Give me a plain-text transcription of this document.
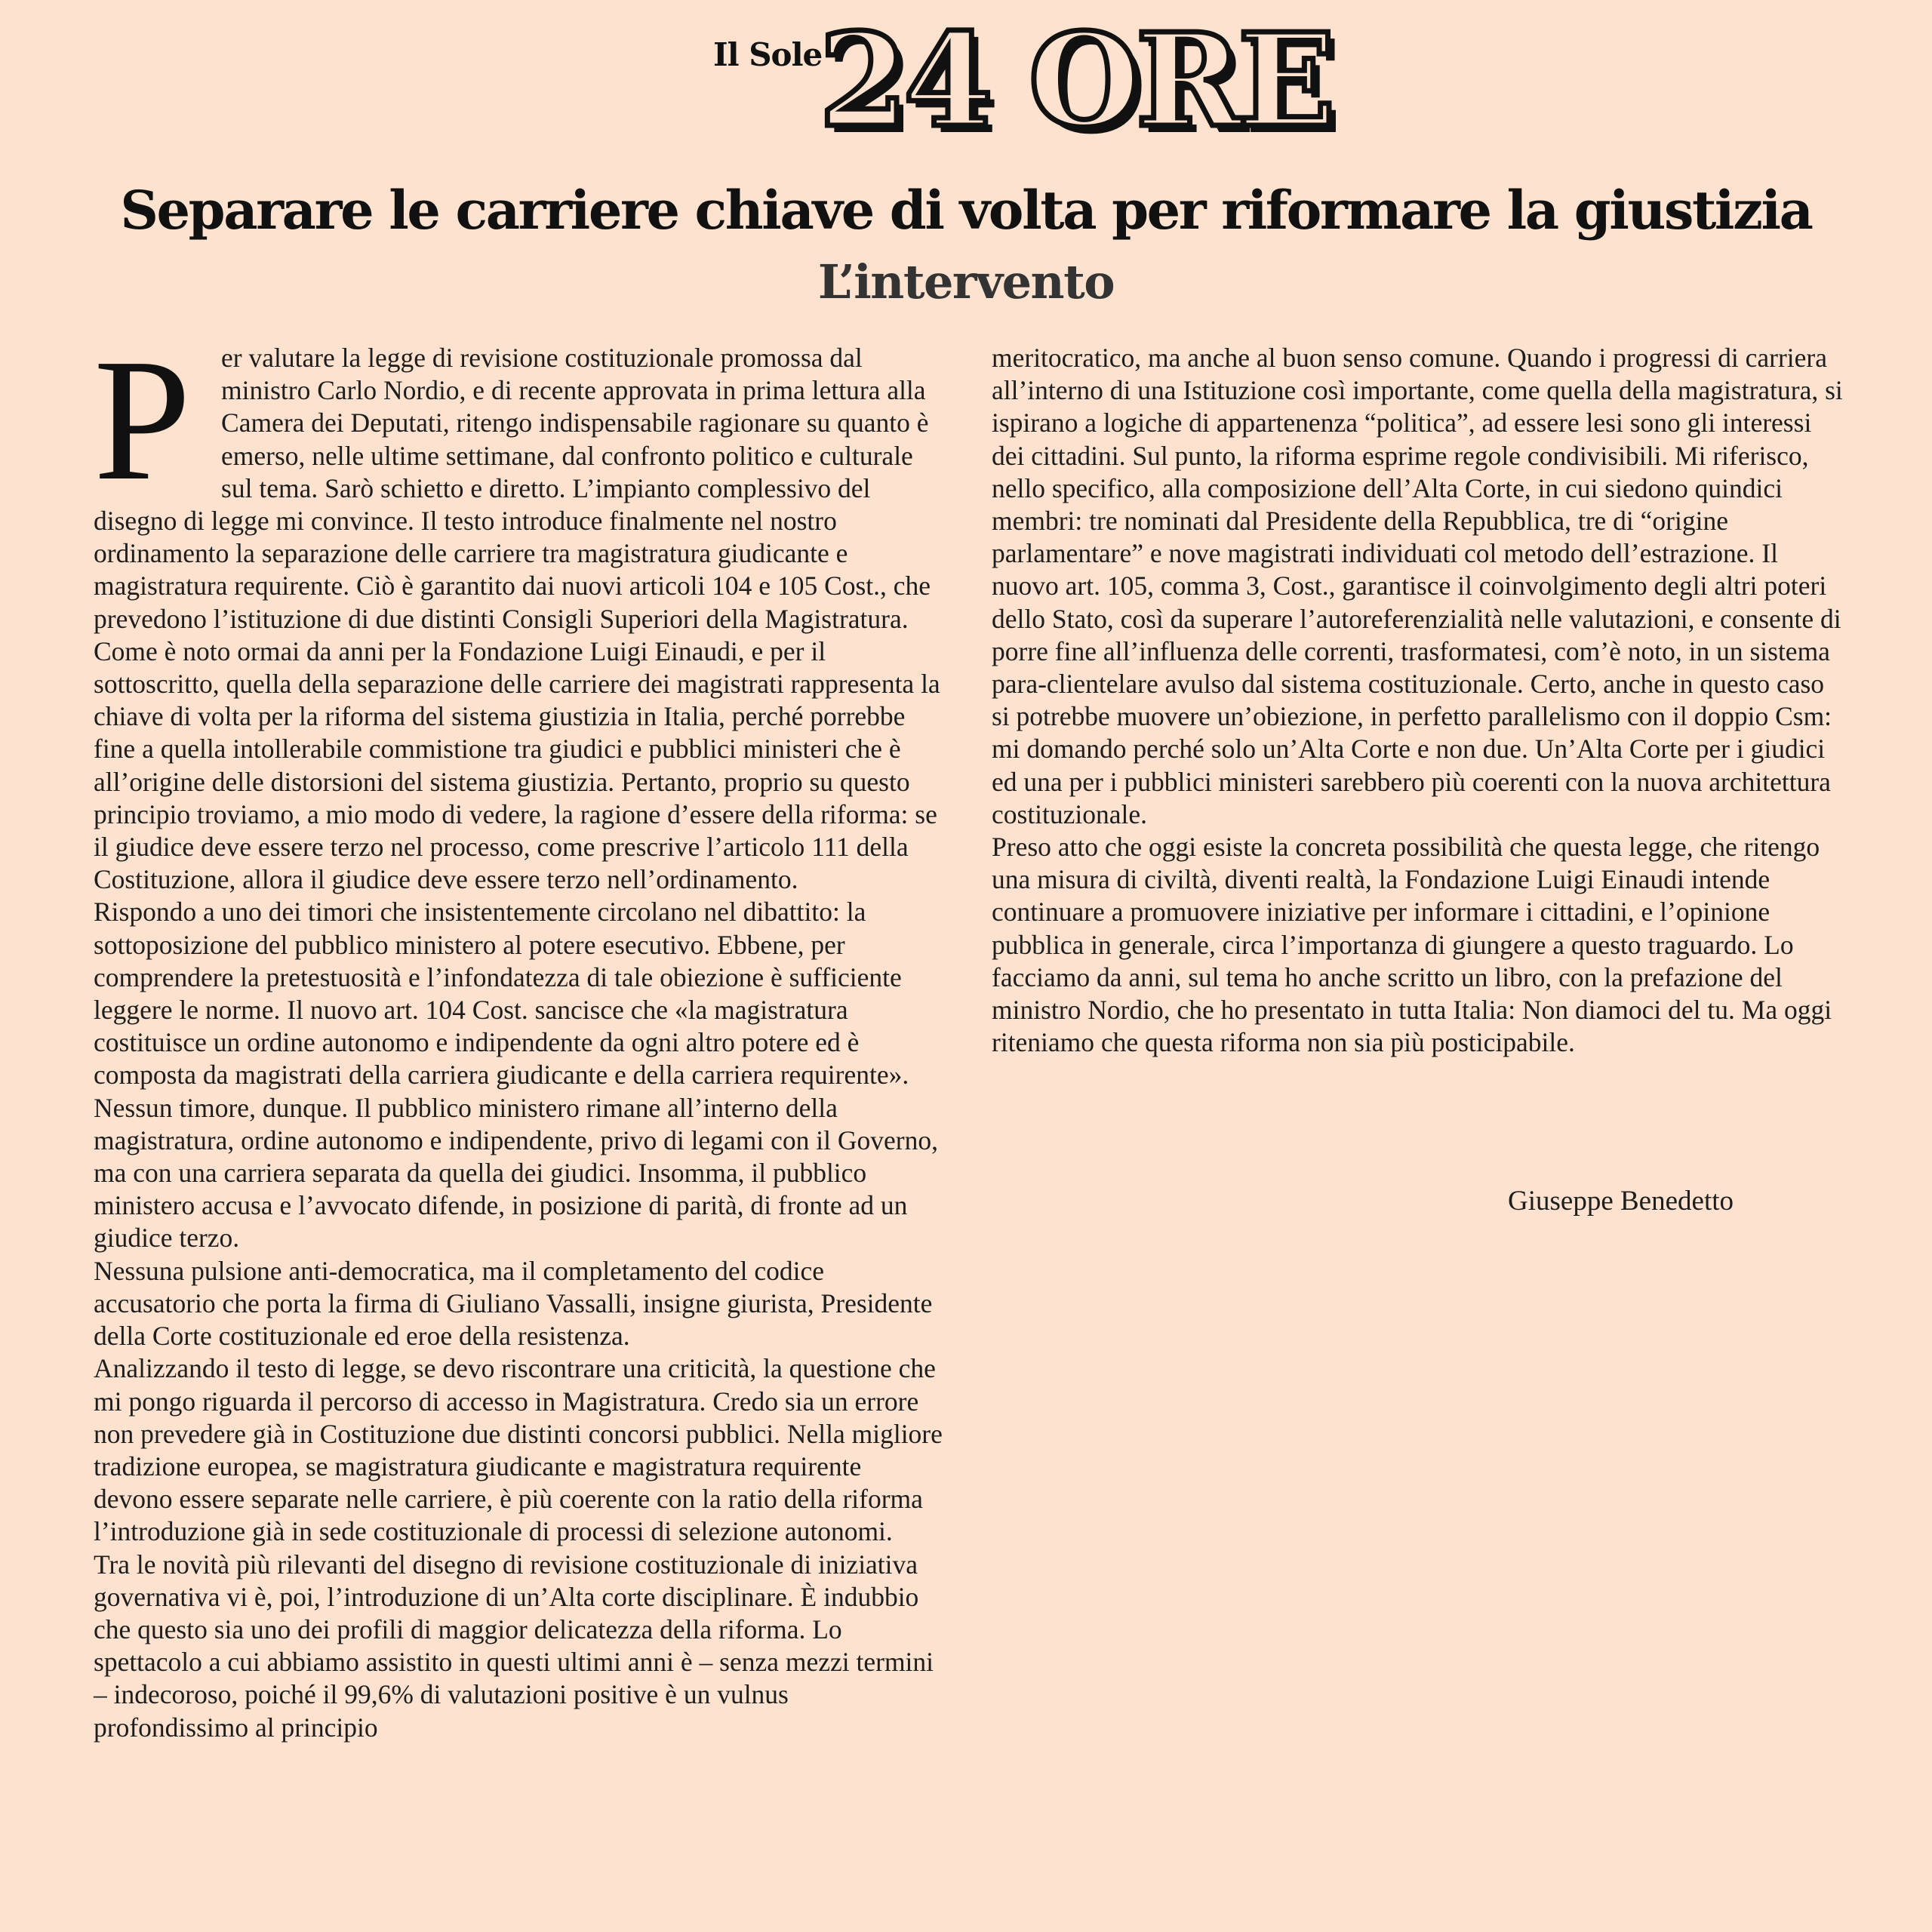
Il Sole
24 ORE
Separare le carriere chiave di volta per riformare la giustizia
L’intervento
P	er valutare la legge di revisione costituzionale promossa dal ministro Carlo Nordio, e di recente approvata in prima lettura alla Camera dei Deputati, ritengo indispensabile ragionare su quanto è emerso, nelle ultime settimane, dal confronto politico e culturale sul tema. Sarò schietto e diretto. L’impianto complessivo del disegno di legge mi convince. Il testo introduce finalmente nel nostro ordinamento la separazione delle carriere tra magistratura giudicante e magistratura requirente. Ciò è garantito dai nuovi articoli 104 e 105 Cost., che prevedono l’istituzione di due distinti Consigli Superiori della Magistratura. Come è noto ormai da anni per la Fondazione Luigi Einaudi, e per il sottoscritto, quella della separazione delle carriere dei magistrati rappresenta la chiave di volta per la riforma del sistema giustizia in Italia, perché porrebbe fine a quella intollerabile commistione tra giudici e pubblici ministeri che è all’origine delle distorsioni del sistema giustizia. Pertanto, proprio su questo principio troviamo, a mio modo di vedere, la ragione d’essere della riforma: se il giudice deve essere terzo nel processo, come prescrive l’articolo 111 della Costituzione, allora il giudice deve essere terzo nell’ordinamento.

Rispondo a uno dei timori che insistentemente circolano nel dibattito: la sottoposizione del pubblico ministero al potere esecutivo. Ebbene, per comprendere la pretestuosità e l’infondatezza di tale obiezione è sufficiente leggere le norme. Il nuovo art. 104 Cost. sancisce che «la magistratura costituisce un ordine autonomo e indipendente da ogni altro potere ed è composta da magistrati della carriera giudicante e della carriera requirente». Nessun timore, dunque. Il pubblico ministero rimane all’interno della magistratura, ordine autonomo e indipendente, privo di legami con il Governo, ma con una carriera separata da quella dei giudici. Insomma, il pubblico ministero accusa e l’avvocato difende, in posizione di parità, di fronte ad un giudice terzo.

Nessuna pulsione anti-democratica, ma il completamento del codice accusatorio che porta la firma di Giuliano Vassalli, insigne giurista, Presidente della Corte costituzionale ed eroe della resistenza.

Analizzando il testo di legge, se devo riscontrare una criticità, la questione che mi pongo riguarda il percorso di accesso in Magistratura. Credo sia un errore non prevedere già in Costituzione due distinti concorsi pubblici. Nella migliore tradizione europea, se magistratura giudicante e magistratura requirente devono essere separate nelle carriere, è più coerente con la ratio della riforma l’introduzione già in sede costituzionale di processi di selezione autonomi.

Tra le novità più rilevanti del disegno di revisione costituzionale di iniziativa governativa vi è, poi, l’introduzione di un’Alta corte disciplinare. È indubbio che questo sia uno dei profili di maggior delicatezza della riforma. Lo spettacolo a cui abbiamo assistito in questi ultimi anni è – senza mezzi termini – indecoroso, poiché il 99,6% di valutazioni positive è un vulnus profondissimo al principio

meritocratico, ma anche al buon senso comune. Quando i progressi di carriera all’interno di una Istituzione così importante, come quella della magistratura, si ispirano a logiche di appartenenza “politica”, ad essere lesi sono gli interessi dei cittadini. Sul punto, la riforma esprime regole condivisibili. Mi riferisco, nello specifico, alla composizione dell’Alta Corte, in cui siedono quindici membri: tre nominati dal Presidente della Repubblica, tre di “origine parlamentare” e nove magistrati individuati col metodo dell’estrazione. Il nuovo art. 105, comma 3, Cost., garantisce il coinvolgimento degli altri poteri dello Stato, così da superare l’autoreferenzialità nelle valutazioni, e consente di porre fine all’influenza delle correnti, trasformatesi, com’è noto, in un sistema para-clientelare avulso dal sistema costituzionale. Certo, anche in questo caso si potrebbe muovere un’obiezione, in perfetto parallelismo con il doppio Csm: mi domando perché solo un’Alta Corte e non due. Un’Alta Corte per i giudici ed una per i pubblici ministeri sarebbero più coerenti con la nuova architettura costituzionale.

Preso atto che oggi esiste la concreta possibilità che questa legge, che ritengo una misura di civiltà, diventi realtà, la Fondazione Luigi Einaudi intende continuare a promuovere iniziative per informare i cittadini, e l’opinione pubblica in generale, circa l’importanza di giungere a questo traguardo. Lo facciamo da anni, sul tema ho anche scritto un libro, con la prefazione del ministro Nordio, che ho presentato in tutta Italia: Non diamoci del tu. Ma oggi riteniamo che questa riforma non sia più posticipabile.

Giuseppe Benedetto
